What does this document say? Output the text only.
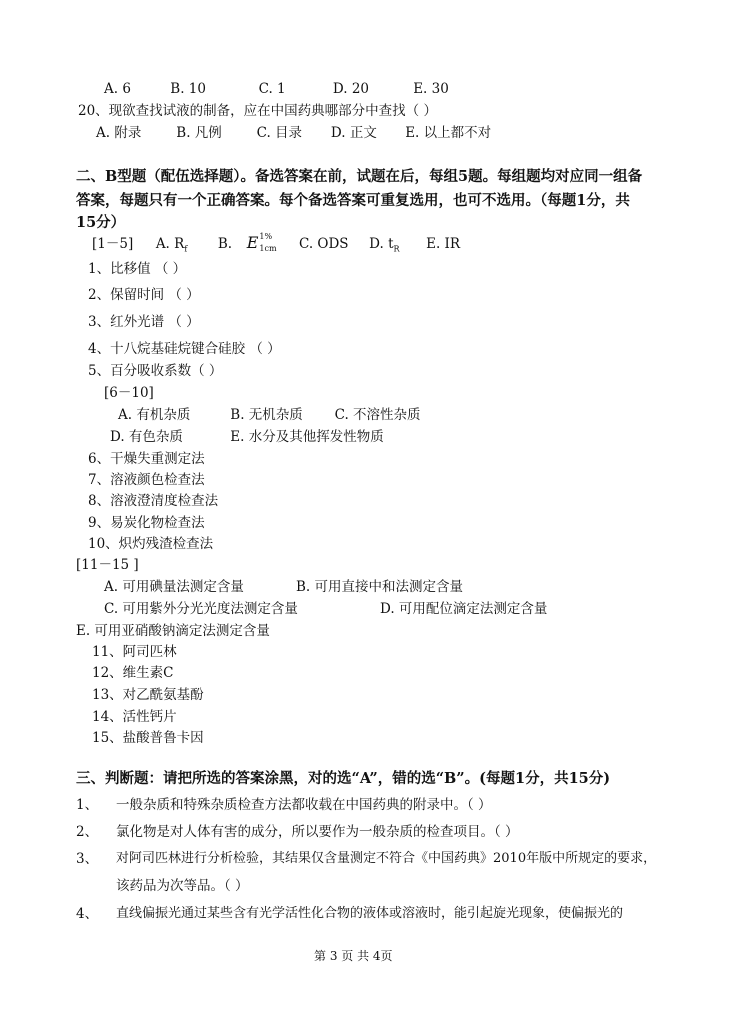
A. 6	B. 10	C. 1	D. 20	E. 30
20、现欲查找试液的制备，应在中国药典哪部分中查找（ ）
A. 附录	B. 凡例	C. 目录 D. 正文 E. 以上都不对
二、B型题（配伍选择题）。备选答案在前，试题在后，每组5题。每组题均对应同一组备
答案，每题只有一个正确答案。每个备选答案可重复选用，也可不选用。（每题1分，共
15分）
[1－5] A. $R_f$ B. E 1%
1cm C. ODS D. $t_R$ E. IR
1、比移值 （ ）
2、保留时间 （ ）
3、红外光谱 （ ）
4、十八烷基硅烷键合硅胶 （ ）
5、百分吸收系数（ ）
[6－10]
A. 有机杂质	B. 无机杂质 C. 不溶性杂质
D. 有色杂质	E. 水分及其他挥发性物质
6、干燥失重测定法
7、溶液颜色检查法
8、溶液澄清度检查法
9、易炭化物检查法
10、炽灼残渣检查法
[11－15 ]
A. 可用碘量法测定含量	B. 可用直接中和法测定含量
C. 可用紫外分光光度法测定含量	D. 可用配位滴定法测定含量
E. 可用亚硝酸钠滴定法测定含量
11、阿司匹林
12、维生素C
13、对乙酰氨基酚
14、活性钙片
15、盐酸普鲁卡因
三、判断题：请把所选的答案涂黑，对的选“A”，错的选“B”。(每题1分，共15分)
1、 一般杂质和特殊杂质检查方法都收载在中国药典的附录中。（ ）
2、 氯化物是对人体有害的成分，所以要作为一般杂质的检查项目。（ ）
3、 对阿司匹林进行分析检验，其结果仅含量测定不符合《中国药典》2010年版中所规定的要求，
该药品为次等品。（ ）
4、 直线偏振光通过某些含有光学活性化合物的液体或溶液时，能引起旋光现象，使偏振光的
第 3 页 共 4页
